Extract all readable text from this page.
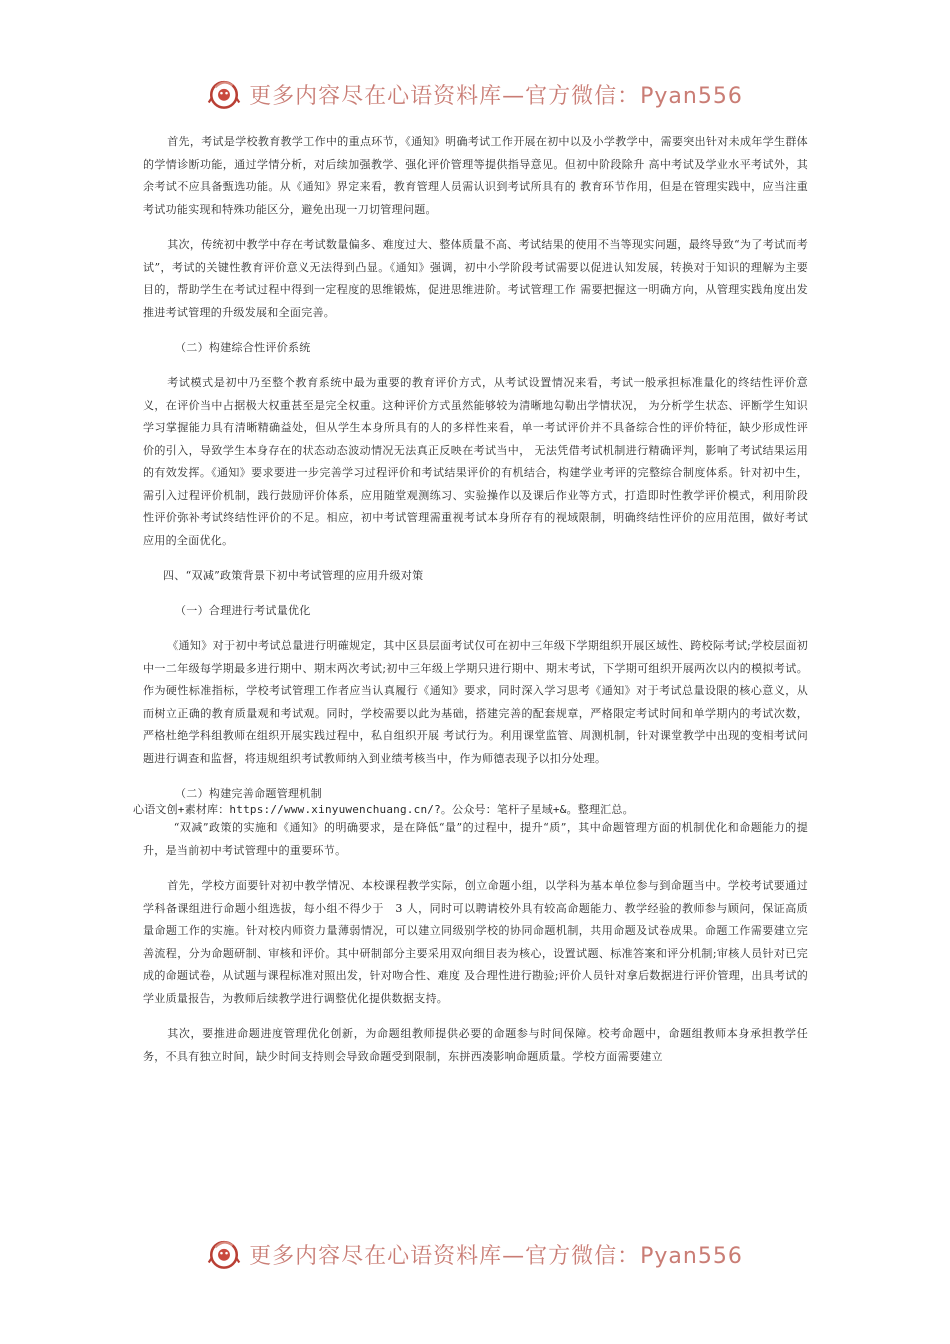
更多内容尽在心语资料库—官方微信：Pyan556

首先，考试是学校教育教学工作中的重点环节，《通知》明确考试工作开展在初中以及小学教学中，需要突出针对未成年学生群体的学情诊断功能，通过学情分析，对后续加强教学、强化评价管理等提供指导意见。但初中阶段除升 高中考试及学业水平考试外，其余考试不应具备甄选功能。从《通知》界定来看，教育管理人员需认识到考试所具有的 教育环节作用，但是在管理实践中，应当注重考试功能实现和特殊功能区分，避免出现一刀切管理问题。

其次，传统初中教学中存在考试数量偏多、难度过大、整体质量不高、考试结果的使用不当等现实问题，最终导致“为了考试而考试”，考试的关键性教育评价意义无法得到凸显。《通知》强调，初中小学阶段考试需要以促进认知发展，转换对于知识的理解为主要目的，帮助学生在考试过程中得到一定程度的思维锻炼，促进思维进阶。考试管理工作 需要把握这一明确方向，从管理实践角度出发推进考试管理的升级发展和全面完善。

（二）构建综合性评价系统

考试模式是初中乃至整个教育系统中最为重要的教育评价方式，从考试设置情况来看，考试一般承担标准量化的终结性评价意义，在评价当中占据极大权重甚至是完全权重。这种评价方式虽然能够较为清晰地勾勒出学情状况， 为分析学生状态、评断学生知识学习掌握能力具有清晰精确益处，但从学生本身所具有的人的多样性来看，单一考试评价并不具备综合性的评价特征，缺少形成性评价的引入，导致学生本身存在的状态动态波动情况无法真正反映在考试当中， 无法凭借考试机制进行精确评判，影响了考试结果运用的有效发挥。《通知》要求要进一步完善学习过程评价和考试结果评价的有机结合，构建学业考评的完整综合制度体系。针对初中生，需引入过程评价机制，践行鼓励评价体系，应用随堂观测练习、实验操作以及课后作业等方式，打造即时性教学评价模式，利用阶段性评价弥补考试终结性评价的不足。相应，初中考试管理需重视考试本身所存有的视域限制，明确终结性评价的应用范围，做好考试应用的全面优化。

四、“双减”政策背景下初中考试管理的应用升级对策

（一）合理进行考试量优化

《通知》对于初中考试总量进行明確规定，其中区县层面考试仅可在初中三年级下学期组织开展区域性、跨校际考试;学校层面初中一二年级每学期最多进行期中、期末两次考试;初中三年级上学期只进行期中、期末考试，下学期可组织开展两次以内的模拟考试。作为硬性标准指标，学校考试管理工作者应当认真履行《通知》要求，同时深入学习思考《通知》对于考试总量设限的核心意义，从而树立正确的教育质量观和考试观。同时，学校需要以此为基础，搭建完善的配套规章，严格限定考试时间和单学期内的考试次数，严格杜绝学科组教师在组织开展实践过程中，私自组织开展 考试行为。利用课堂监管、周测机制，针对课堂教学中出现的变相考试问题进行调查和监督，将违规组织考试教师纳入到业绩考核当中，作为师德表现予以扣分处理。

（二）构建完善命题管理机制

心语文创+素材库：https://www.xinyuwenchuang.cn/?。公众号：笔杆子星域+&。整理汇总。

“双减”政策的实施和《通知》的明确要求，是在降低“量”的过程中，提升“质”，其中命题管理方面的机制优化和命题能力的提升，是当前初中考试管理中的重要环节。

首先，学校方面要针对初中教学情况、本校课程教学实际，创立命题小组，以学科为基本单位参与到命题当中。学校考试要通过学科备课组进行命题小组选拔，每小组不得少于　3 人，同时可以聘请校外具有较高命题能力、教学经验的教师参与顾问，保证高质量命题工作的实施。针对校内师资力量薄弱情况，可以建立同级别学校的协同命题机制，共用命题及试卷成果。命题工作需要建立完善流程，分为命题研制、审核和评价。其中研制部分主要采用双向细目表为核心，设置试题、标准答案和评分机制;审核人员针对已完成的命题试卷，从试题与课程标准对照出发，针对吻合性、难度 及合理性进行勘验;评价人员针对拿后数据进行评价管理，出具考试的学业质量报告，为教师后续教学进行调整优化提供数据支持。

其次，要推进命题进度管理优化创新，为命题组教师提供必要的命题参与时间保障。校考命题中，命题组教师本身承担教学任务，不具有独立时间，缺少时间支持则会导致命题受到限制，东拼西凑影响命题质量。学校方面需要建立

更多内容尽在心语资料库—官方微信：Pyan556
